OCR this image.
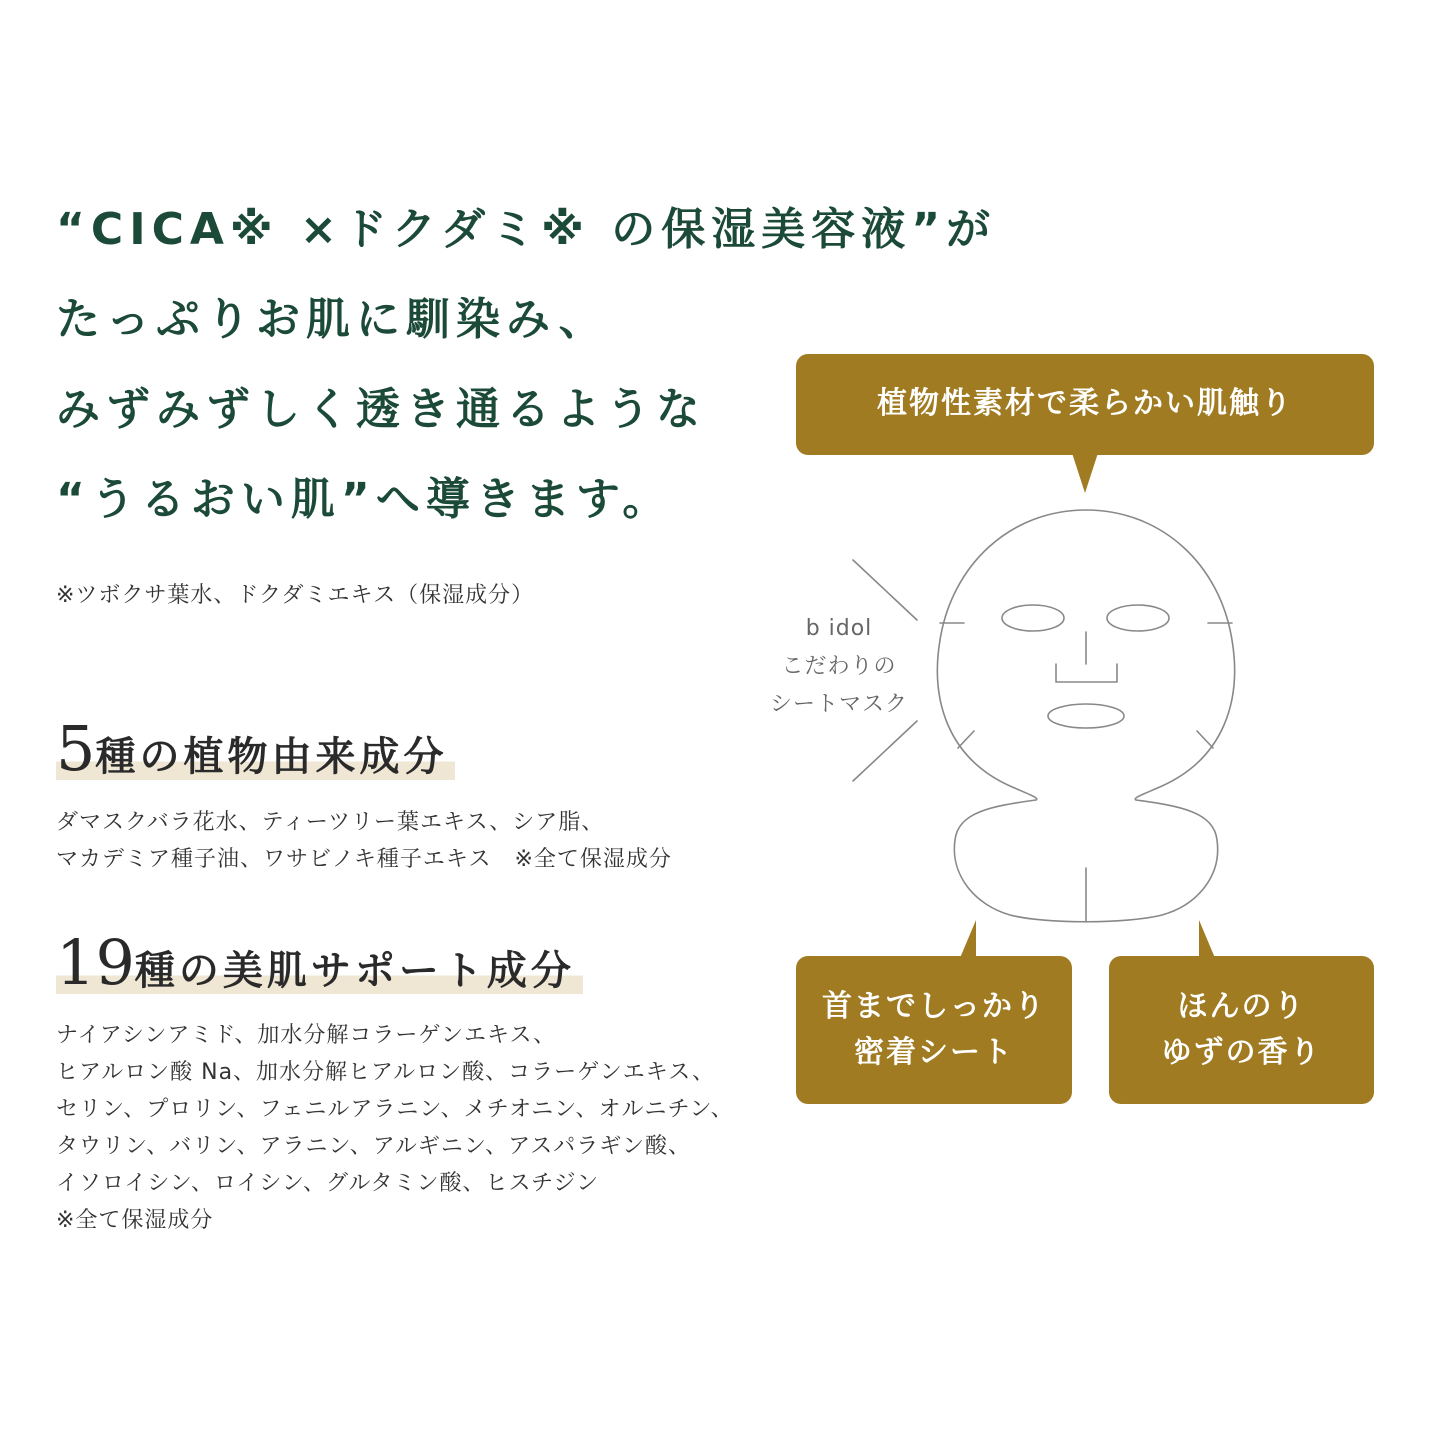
“CICA※ ×ドクダミ※ の保湿美容液”が
たっぷりお肌に馴染み、
みずみずしく透き通るような
“うるおい肌”へ導きます。
※ツボクサ葉水、ドクダミエキス（保湿成分）
5種の植物由来成分
ダマスクバラ花水、ティーツリー葉エキス、シア脂、
マカデミア種子油、ワサビノキ種子エキス　※全て保湿成分
19種の美肌サポート成分
ナイアシンアミド、加水分解コラーゲンエキス、
ヒアルロン酸 Na、加水分解ヒアルロン酸、コラーゲンエキス、
セリン、プロリン、フェニルアラニン、メチオニン、オルニチン、
タウリン、バリン、アラニン、アルギニン、アスパラギン酸、
イソロイシン、ロイシン、グルタミン酸、ヒスチジン
※全て保湿成分
植物性素材で柔らかい肌触り
首までしっかり
密着シート
ほんのり
ゆずの香り
b idol
こだわりの
シートマスク
